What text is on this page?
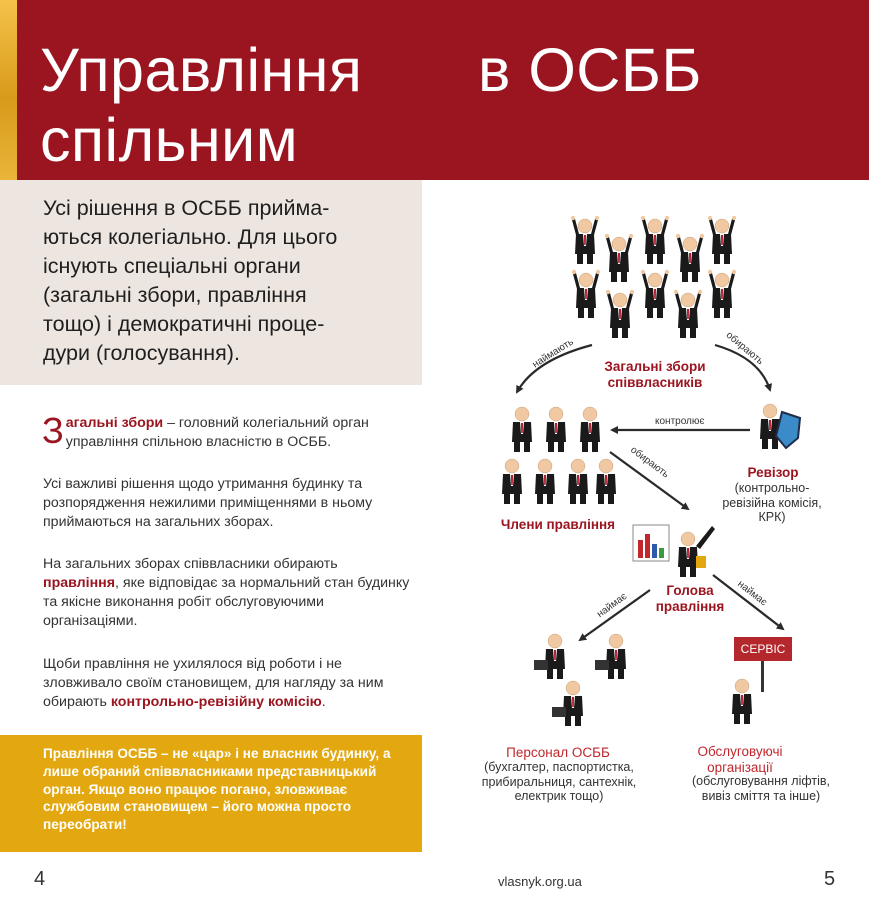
Управління
спільним
в ОСББ

Усі рішення в ОСББ прийма-
ються колегіально. Для цього
існують спеціальні органи
(загальні збори, правління
тощо) і демократичні проце-
дури (голосування).

Загальні збори – головний колегіальний орган управління спільною власністю в ОСББ.
Усі важливі рішення щодо утримання будинку та розпорядження нежилими приміщеннями в ньому приймаються на загальних зборах.
На загальних зборах співвласники обирають правління, яке відповідає за нормальний стан будинку та якісне виконання робіт обслуговуючими організаціями.
Щоби правління не ухилялося від роботи і не зловживало своїм становищем, для нагляду за ним обирають контрольно-ревізійну комісію.

Правління ОСББ – не «цар» і не власник будинку, а лише обраний співвласниками представницький орган. Якщо воно працює погано, зловживає службовим становищем – його можна просто переобрати!

4	5
vlasnyk.org.ua
наймають	обирають
контролює
обирають
наймає	наймає
Загальні збори співвласників
Члени правління
Ревізор
(контрольно-ревізійна комісія, КРК)
Голова правління
Персонал ОСББ
(бухгалтер, паспортистка, прибиральниця, сантехнік, електрик тощо)
Обслуговуючі організації
(обслуговування ліфтів, вивіз сміття та інше)
СЕРВІС
